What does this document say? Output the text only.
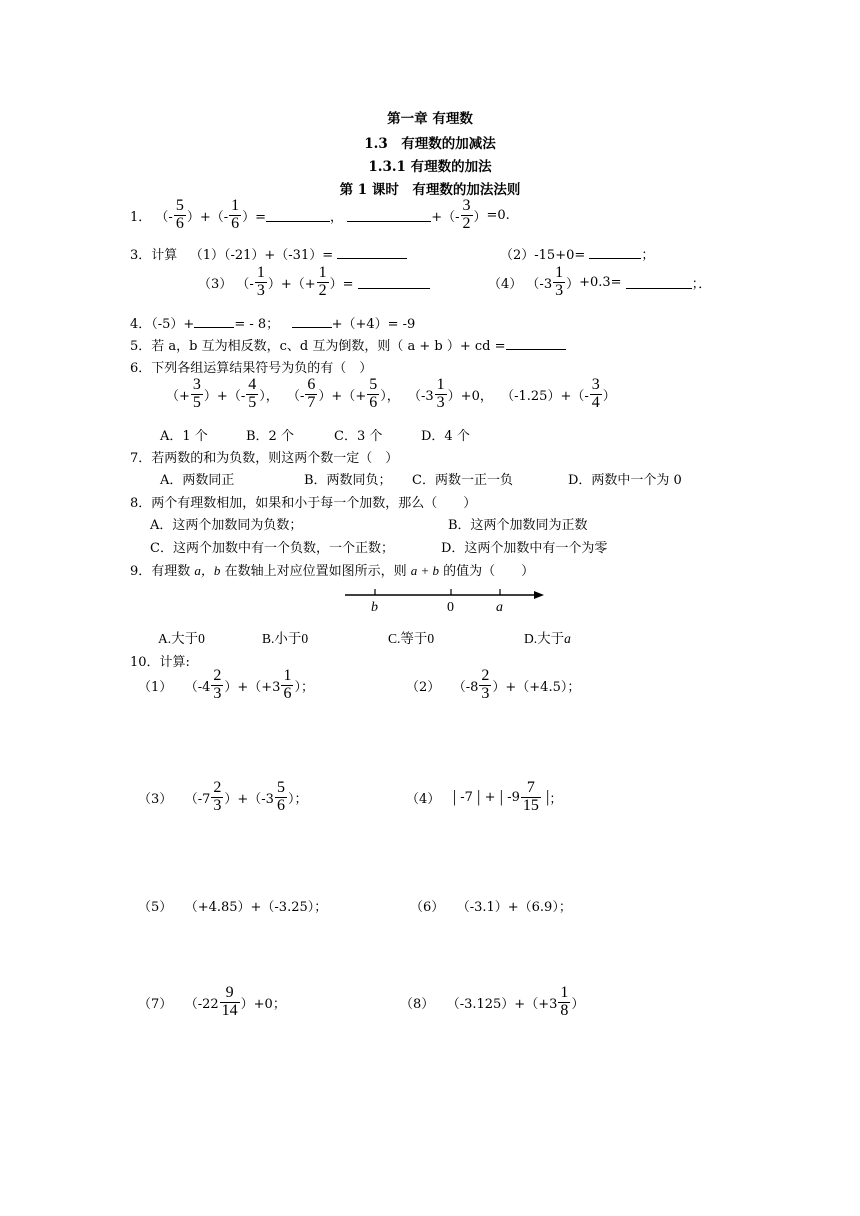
第一章 有理数
1.3　有理数的加减法
1.3.1 有理数的加法
第 1 课时　有理数的加法法则
1． （-
5
6 ）+（-
1
6 ）=	，	+（-
3
2 ） =0.
3．计算 （1）（-21）+（-31）=	（2）-15+0=	；
（3） （-
1
3 ）+（+ $\frac{1}{2}$ ）=	（4） （-3
1
3 ） +0.3=
	；．
4．（-5）+	= - 8；	+（+4）= -9
5．若 a，b 互为相反数，c、d 互为倒数，则（ a + b ）+ cd =
6．下列各组运算结果符号为负的有（　）
（+ $\frac{3}{5}$ ）+（-
4
5 ），  （-
6
7 ）+（+ $\frac{5}{6}$ ），  （-3
1
3 ） +0，
（-1.25）+ （-
3
4 ）
A．1 个	B．2 个	C．3 个	D．4 个
7．若两数的和为负数，则这两个数一定（　）
A．两数同正	B．两数同负； C．两数一正一负	D．两数中一个为 0
8．两个有理数相加，如果和小于每一个加数，那么（　　）
A．这两个加数同为负数；	B．这两个加数同为正数
C．这两个加数中有一个负数，一个正数；	D．这两个加数中有一个为零
9．有理数 a，b 在数轴上对应位置如图所示，则 a + b 的值为（　　）
b	0	a
A.大于0	B.小于0	C.等于0	D.大于a
10．计算:
（1）
（-4
2
3 ）+（+3
1
6 ）；	（2）
（-8
2
3 ） +（+4.5）；
（3）
（-7
2
3 ）+（-3
5
6 ）；	（4）
|
-7
| + |
-9
7
15
| ；
（5） （+4.85）+（-3.25）；	（6） （-3.1）+（6.9）；
（7）
（-22
9
14 ） +0；	（8）
（-3.125）+ （+3
1
8 ）
